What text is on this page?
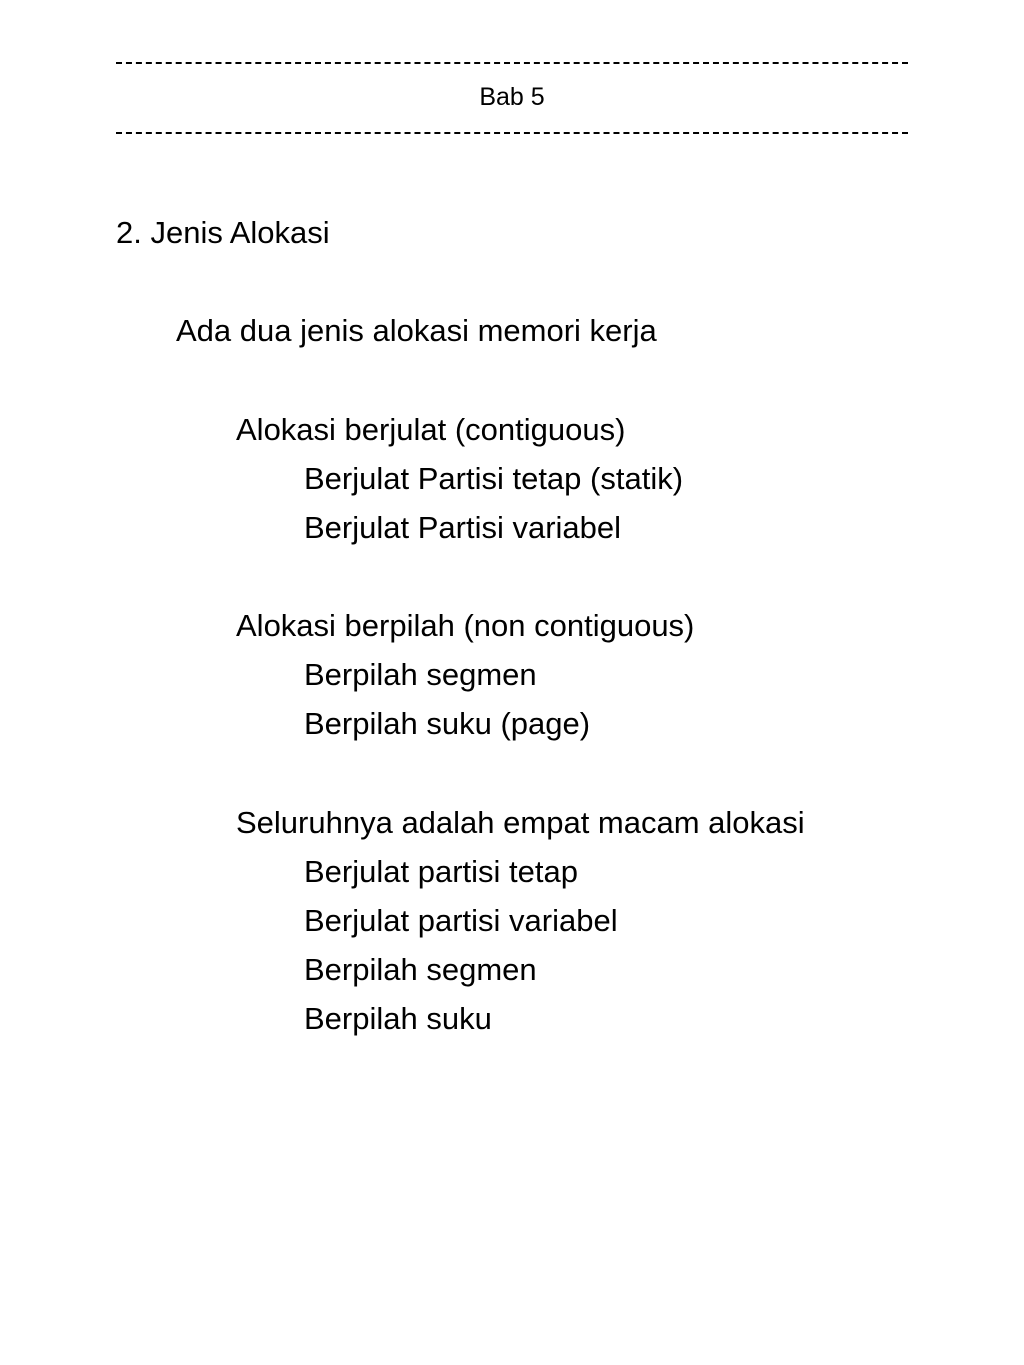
Bab 5
2. Jenis Alokasi
Ada dua jenis alokasi memori kerja
Alokasi berjulat (contiguous)
Berjulat Partisi tetap (statik)
Berjulat Partisi variabel
Alokasi berpilah (non contiguous)
Berpilah segmen
Berpilah suku (page)
Seluruhnya adalah empat macam alokasi
Berjulat partisi tetap
Berjulat partisi variabel
Berpilah segmen
Berpilah suku
